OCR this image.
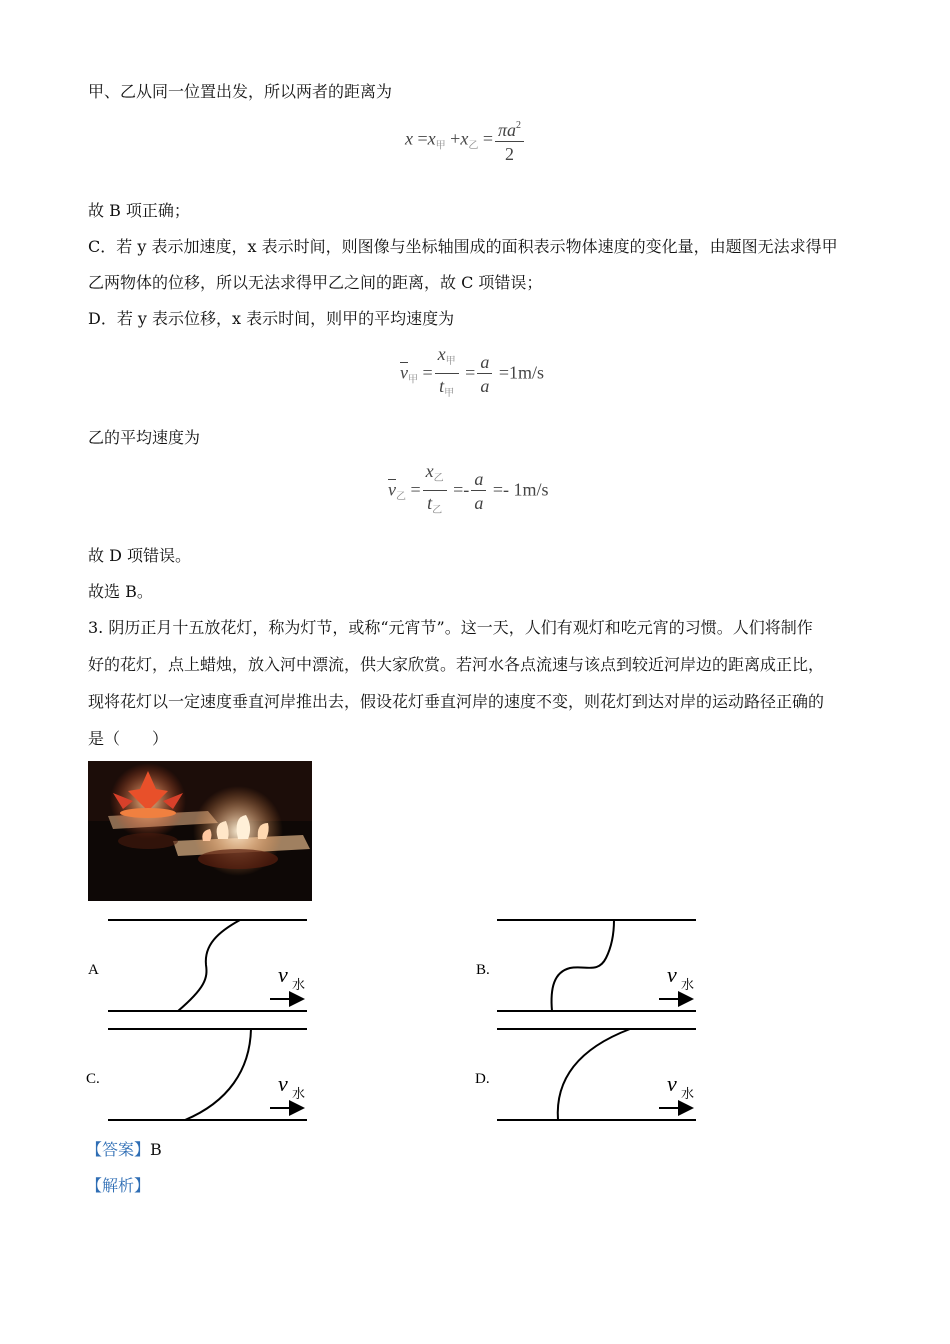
甲、乙从同一位置出发，所以两者的距离为
$x =x_甲 +x_乙 = \frac{\pi a^2}{2}$
故 B 项正确；
C．若 y 表示加速度，x 表示时间，则图像与坐标轴围成的面积表示物体速度的变化量，由题图无法求得甲
乙两物体的位移，所以无法求得甲乙之间的距离，故 C 项错误；
D．若 y 表示位移，x 表示时间，则甲的平均速度为
$\overline{v}_甲 = \frac{x_甲}{t_甲} = \frac{a}{a} =1m/s$
乙的平均速度为
$\overline{v}_乙 = \frac{x_乙}{t_乙} =- \frac{a}{a} =- 1m/s$
故 D 项错误。
故选 B。
3. 阴历正月十五放花灯，称为灯节，或称“元宵节”。这一天，人们有观灯和吃元宵的习惯。人们将制作
好的花灯，点上蜡烛，放入河中漂流，供大家欣赏。若河水各点流速与该点到较近河岸边的距离成正比，
现将花灯以一定速度垂直河岸推出去，假设花灯垂直河岸的速度不变，则花灯到达对岸的运动路径正确的
是（　　）
A	v 水
B.	v 水
C.	v 水
D.	v 水
【答案】B
【解析】
